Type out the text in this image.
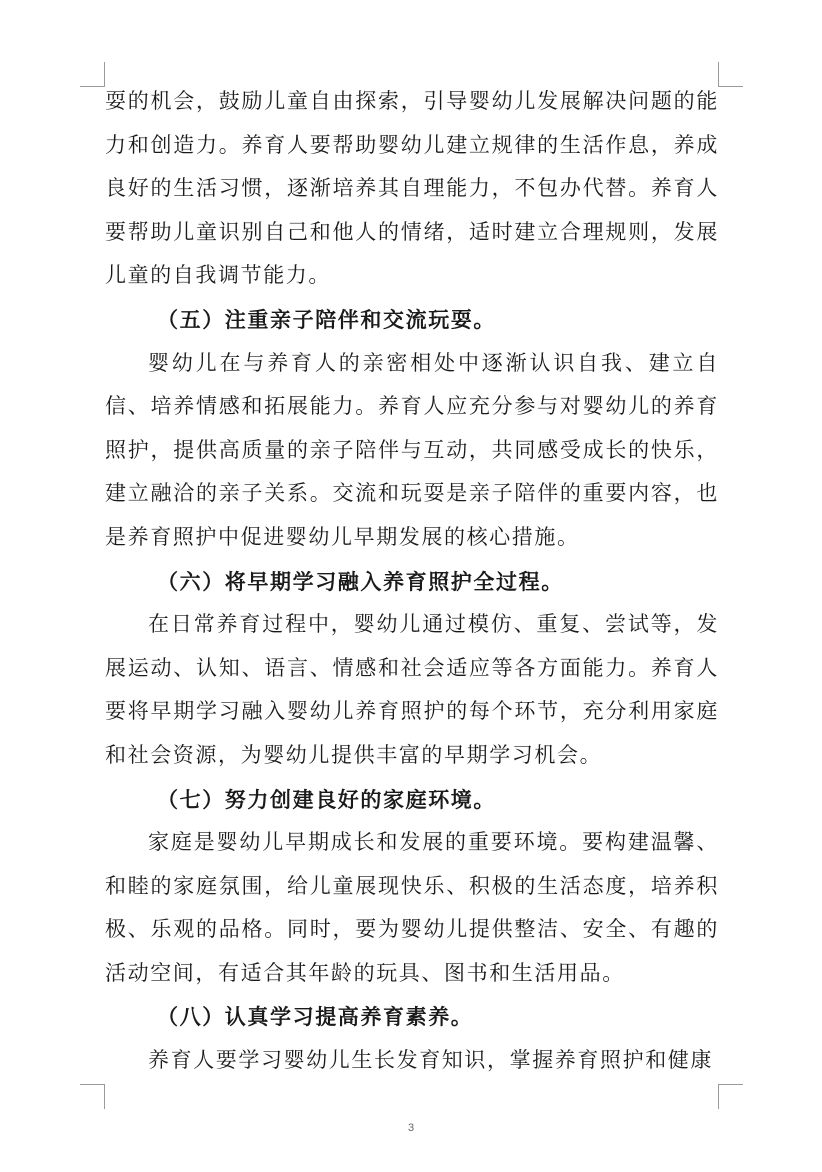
耍的机会，鼓励儿童自由探索，引导婴幼儿发展解决问题的能力和创造力。养育人要帮助婴幼儿建立规律的生活作息，养成良好的生活习惯，逐渐培养其自理能力，不包办代替。养育人要帮助儿童识别自己和他人的情绪，适时建立合理规则，发展儿童的自我调节能力。

（五）注重亲子陪伴和交流玩耍。

婴幼儿在与养育人的亲密相处中逐渐认识自我、建立自信、培养情感和拓展能力。养育人应充分参与对婴幼儿的养育照护，提供高质量的亲子陪伴与互动，共同感受成长的快乐，建立融洽的亲子关系。交流和玩耍是亲子陪伴的重要内容，也是养育照护中促进婴幼儿早期发展的核心措施。

（六）将早期学习融入养育照护全过程。

在日常养育过程中，婴幼儿通过模仿、重复、尝试等，发展运动、认知、语言、情感和社会适应等各方面能力。养育人要将早期学习融入婴幼儿养育照护的每个环节，充分利用家庭和社会资源，为婴幼儿提供丰富的早期学习机会。

（七）努力创建良好的家庭环境。

家庭是婴幼儿早期成长和发展的重要环境。要构建温馨、和睦的家庭氛围，给儿童展现快乐、积极的生活态度，培养积极、乐观的品格。同时，要为婴幼儿提供整洁、安全、有趣的活动空间，有适合其年龄的玩具、图书和生活用品。

（八）认真学习提高养育素养。

养育人要学习婴幼儿生长发育知识，掌握养育照护和健康

3
